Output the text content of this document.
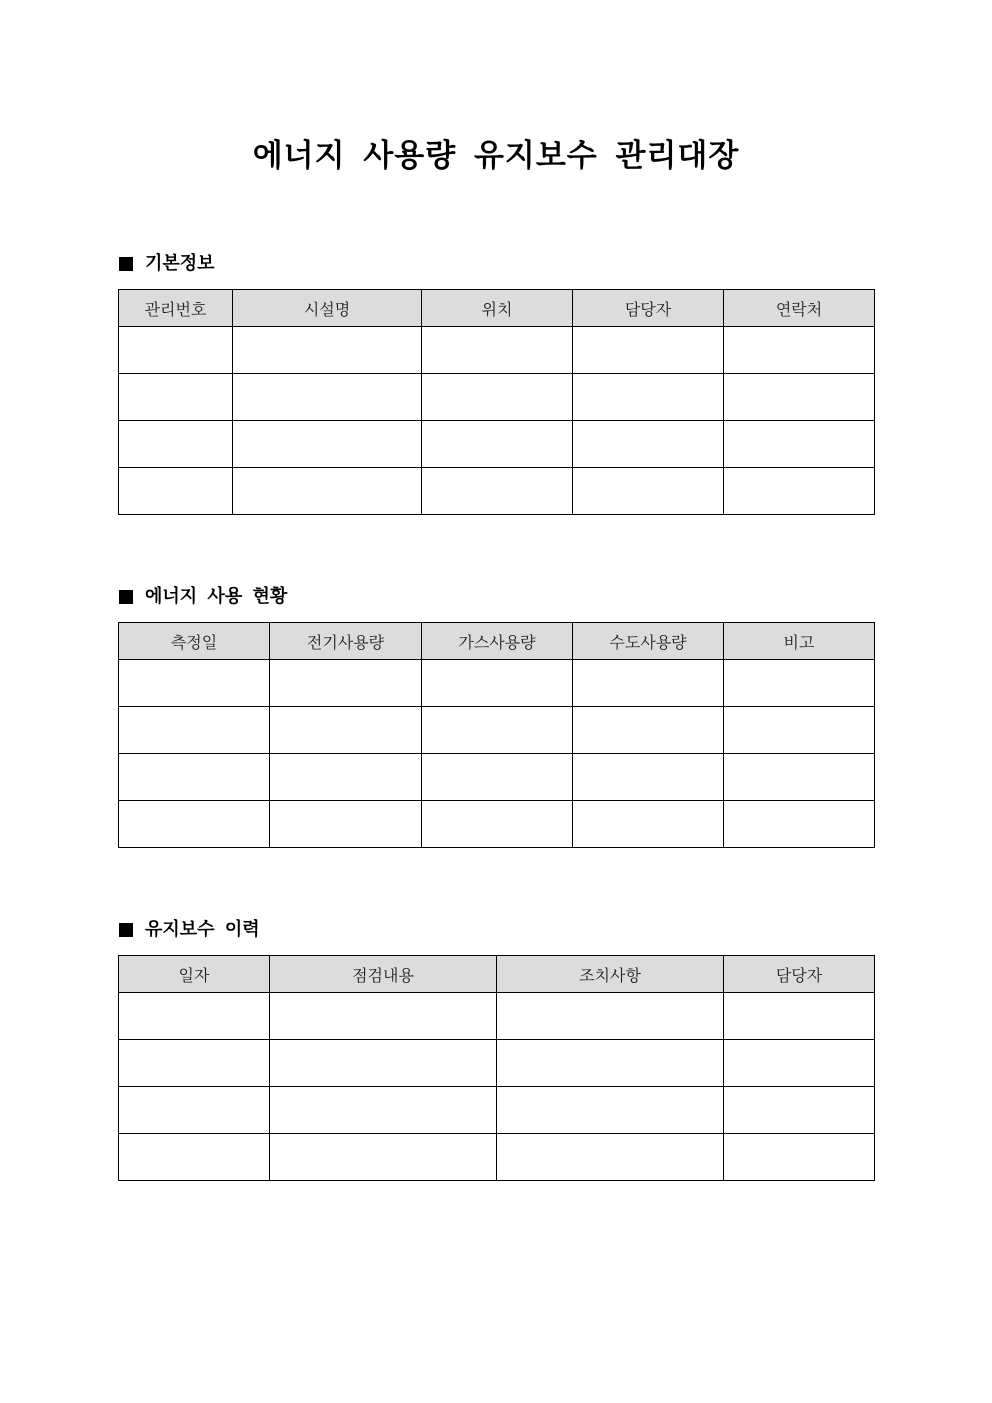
에너지 사용량 유지보수 관리대장
기본정보
관리번호	시설명	위치	담당자	연락처

에너지 사용 현황
측정일	전기사용량	가스사용량	수도사용량	비고

유지보수 이력
일자	점검내용	조치사항	담당자
